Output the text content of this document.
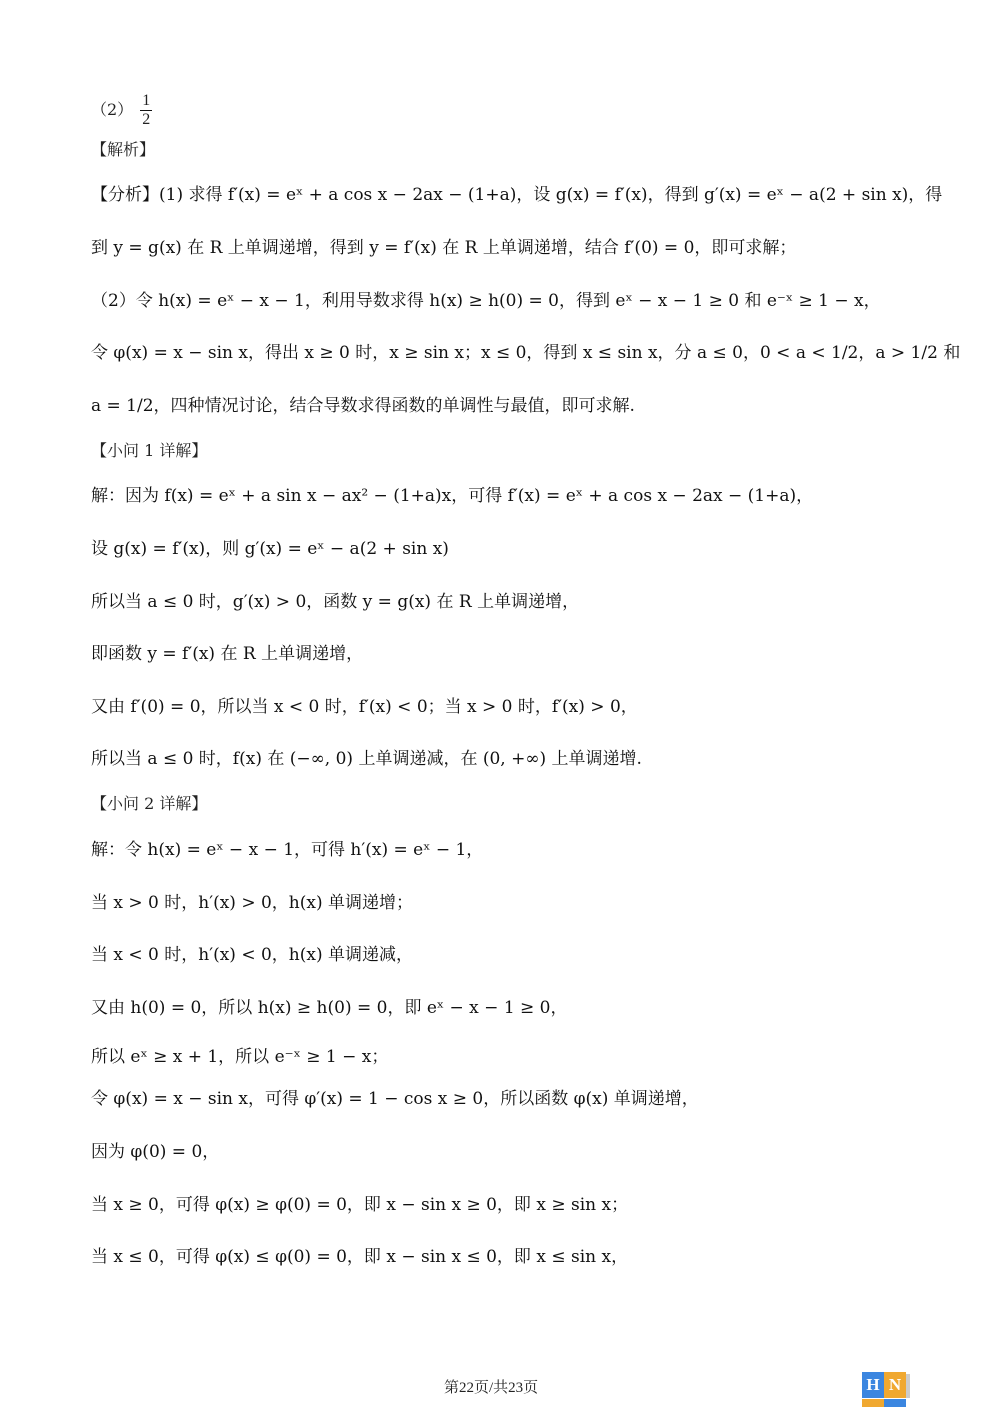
$(2) \frac{1}{2}$
【解析】
【分析】(1) 求得 f′(x) = eˣ + a cos x − 2ax − (1+a)，设 g(x) = f′(x)，得到 g′(x) = eˣ − a(2 + sin x)，得
到 y = g(x) 在 R 上单调递增，得到 y = f′(x) 在 R 上单调递增，结合 f′(0) = 0，即可求解；
（2）令 h(x) = eˣ − x − 1，利用导数求得 h(x) ≥ h(0) = 0，得到 eˣ − x − 1 ≥ 0 和 e⁻ˣ ≥ 1 − x，
令 φ(x) = x − sin x，得出 x ≥ 0 时，x ≥ sin x；x ≤ 0，得到 x ≤ sin x，分 a ≤ 0，0 < a < 1/2，a > 1/2 和
a = 1/2，四种情况讨论，结合导数求得函数的单调性与最值，即可求解.
【小问 1 详解】
解：因为 f(x) = eˣ + a sin x − ax² − (1+a)x，可得 f′(x) = eˣ + a cos x − 2ax − (1+a)，
设 g(x) = f′(x)，则 g′(x) = eˣ − a(2 + sin x)
所以当 a ≤ 0 时，g′(x) > 0，函数 y = g(x) 在 R 上单调递增，
即函数 y = f′(x) 在 R 上单调递增，
又由 f′(0) = 0，所以当 x < 0 时，f′(x) < 0；当 x > 0 时，f′(x) > 0，
所以当 a ≤ 0 时，f(x) 在 (−∞, 0) 上单调递减，在 (0, +∞) 上单调递增.
【小问 2 详解】
解：令 h(x) = eˣ − x − 1，可得 h′(x) = eˣ − 1，
当 x > 0 时，h′(x) > 0，h(x) 单调递增；
当 x < 0 时，h′(x) < 0，h(x) 单调递减，
又由 h(0) = 0，所以 h(x) ≥ h(0) = 0，即 eˣ − x − 1 ≥ 0，
所以 eˣ ≥ x + 1，所以 e⁻ˣ ≥ 1 − x；
令 φ(x) = x − sin x，可得 φ′(x) = 1 − cos x ≥ 0，所以函数 φ(x) 单调递增，
因为 φ(0) = 0，
当 x ≥ 0，可得 φ(x) ≥ φ(0) = 0，即 x − sin x ≥ 0，即 x ≥ sin x；
当 x ≤ 0，可得 φ(x) ≤ φ(0) = 0，即 x − sin x ≤ 0，即 x ≤ sin x，
第22页/共23页	H N
